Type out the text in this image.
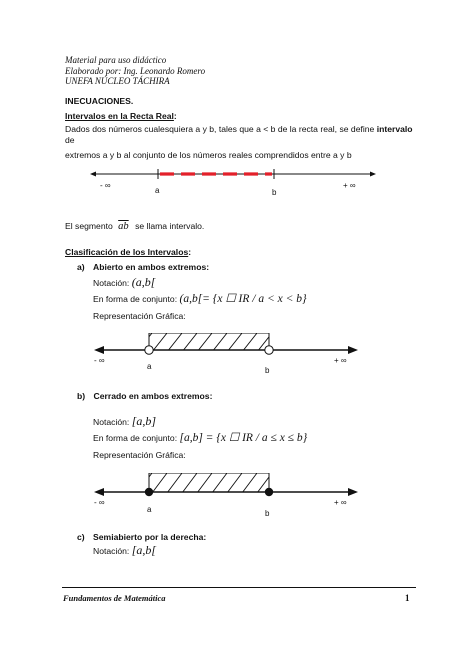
Material para uso didáctico
Elaborado por: Ing. Leonardo Romero
UNEFA NÚCLEO TÁCHIRA
INECUACIONES.
Intervalos en la Recta Real:
Dados dos números cualesquiera a y b, tales que a < b de la recta real, se define intervalo de
extremos a y b al conjunto de los números reales comprendidos entre a y b
- ∞	+ ∞
a	b
El segmento $\overline{ab}$ se llama intervalo.
Clasificación de los Intervalos:
a) Abierto en ambos extremos:
Notación: (a,b[
En forma de conjunto: (a,b[= {x ☐ IR / a < x < b}
Representación Gráfica:
- ∞	+ ∞
a	b
b) Cerrado en ambos extremos:
Notación: [a,b]
En forma de conjunto: [a,b] = {x ☐ IR / a ≤ x ≤ b}
Representación Gráfica:
- ∞	+ ∞
a	b
c) Semiabierto por la derecha:
Notación: [a,b[
Fundamentos de Matemática	1
